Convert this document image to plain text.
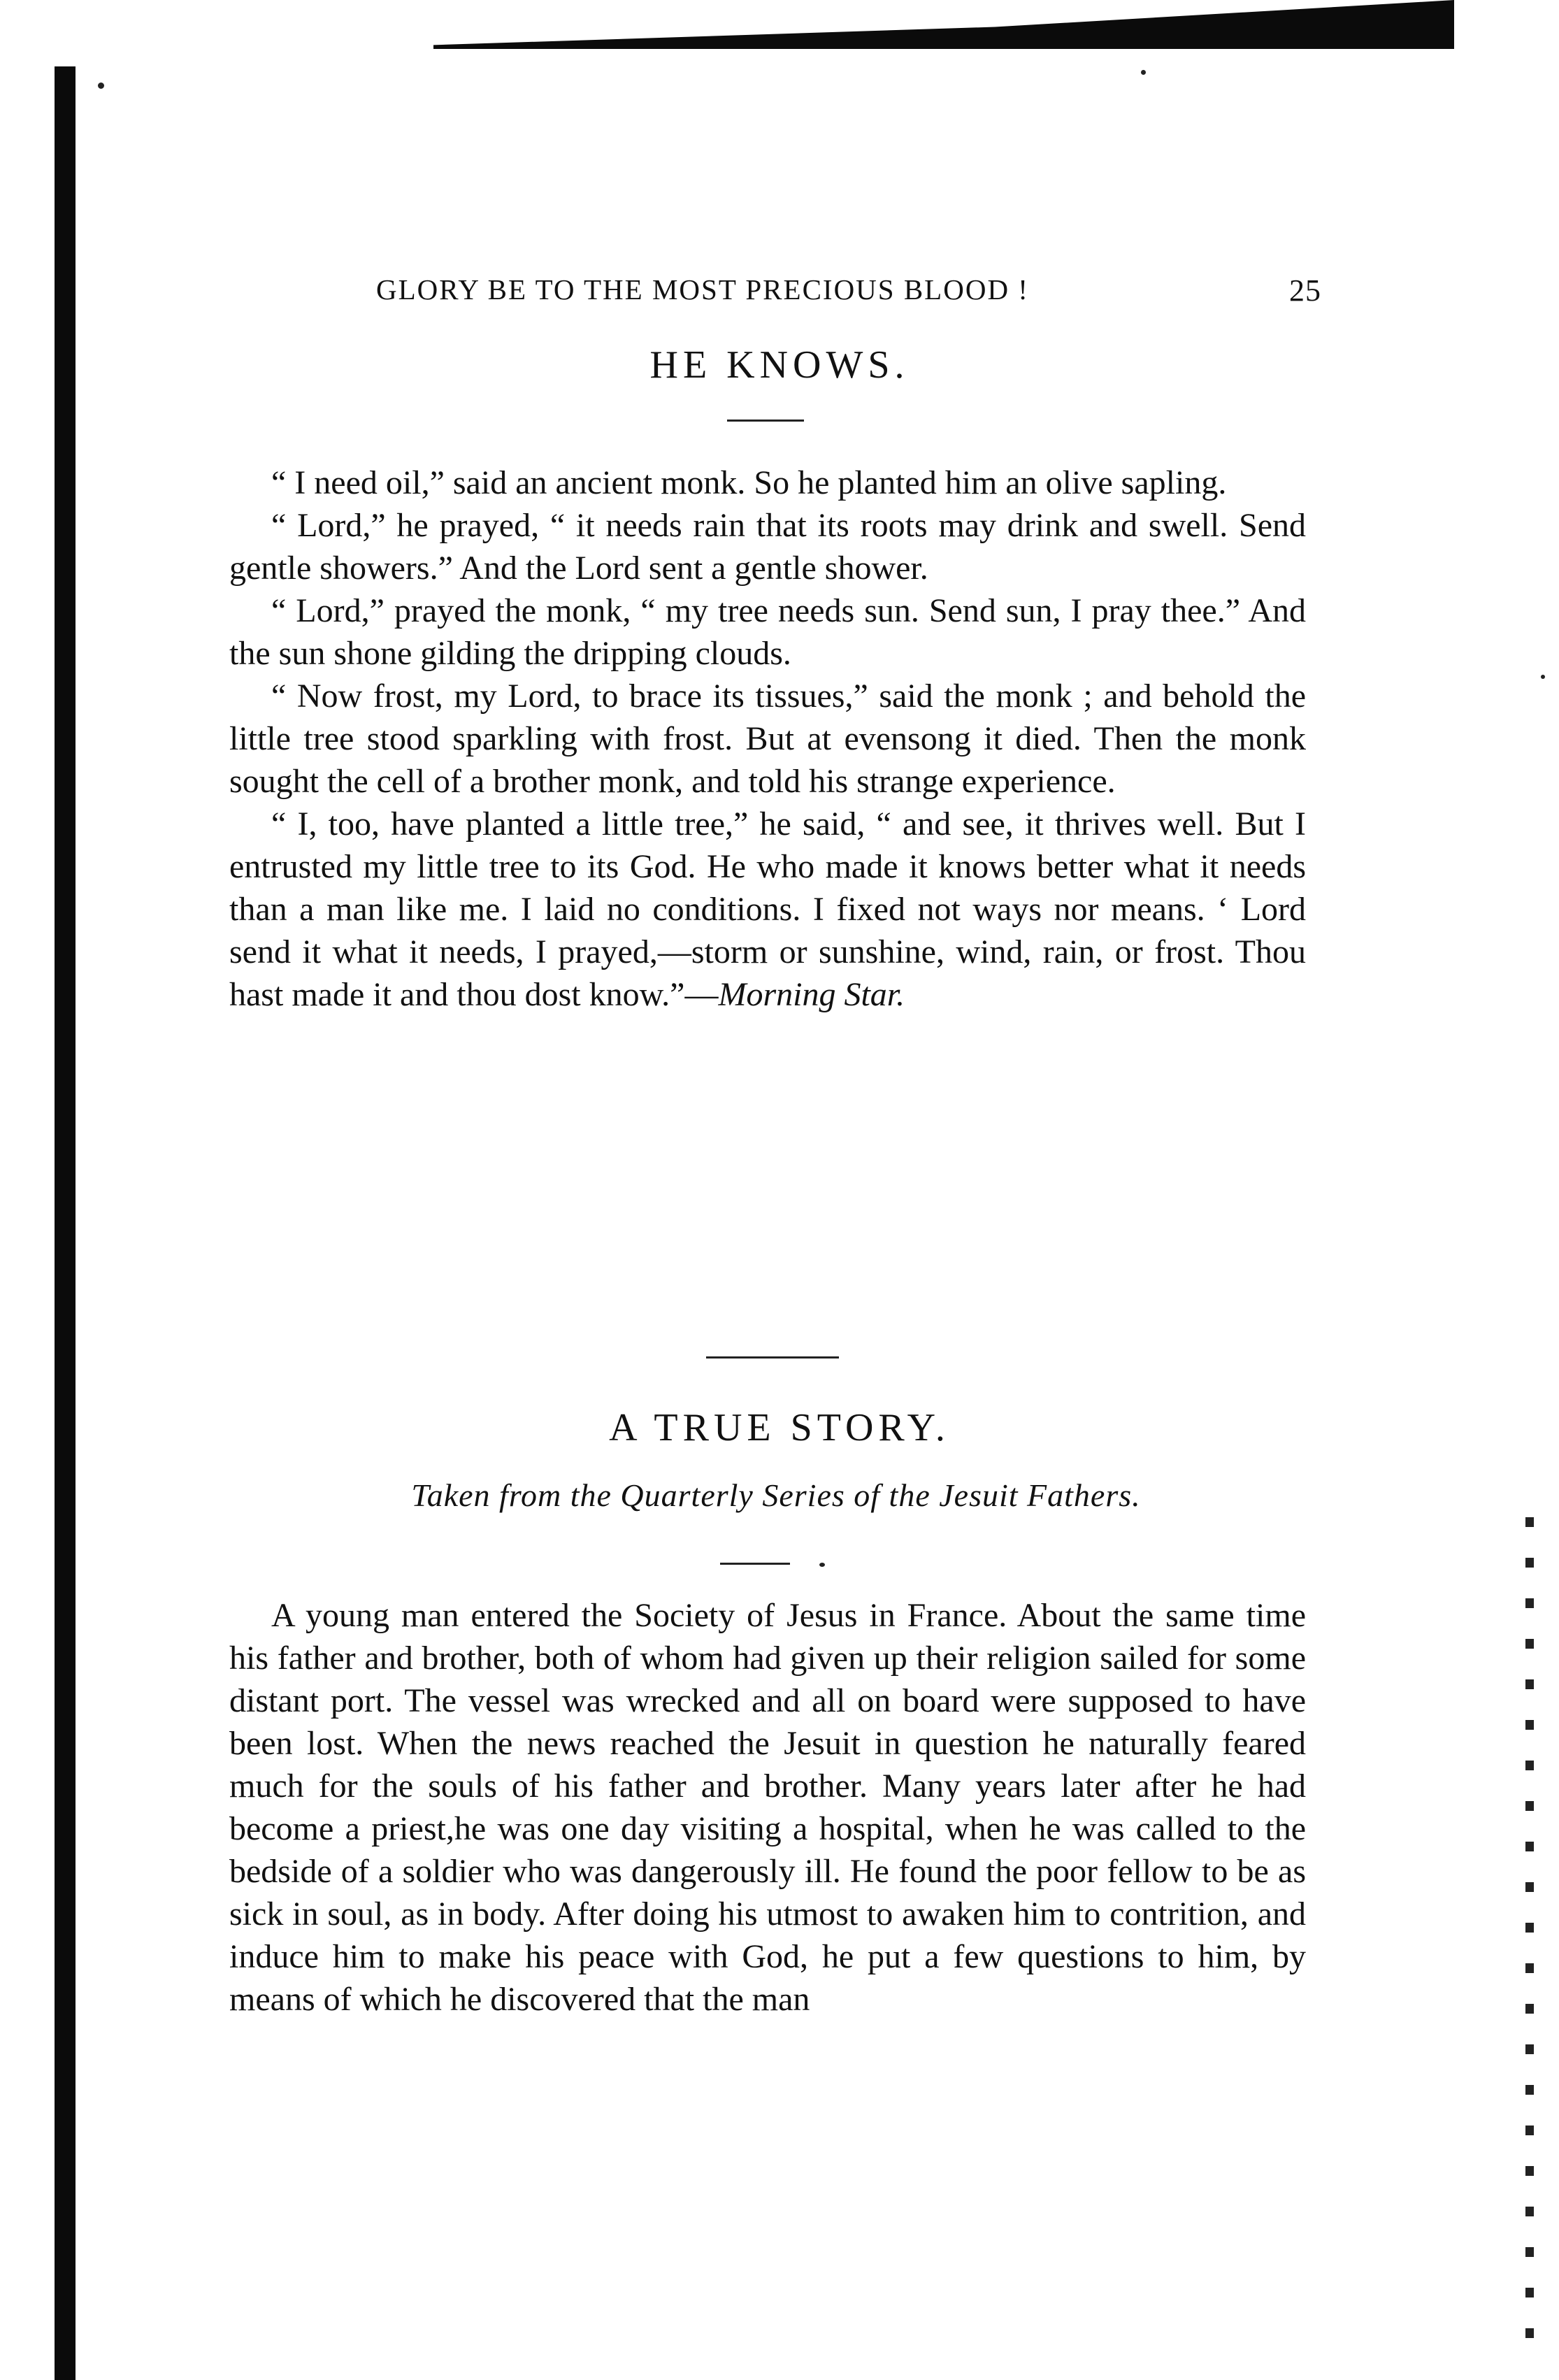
GLORY BE TO THE MOST PRECIOUS BLOOD !	25
HE KNOWS.

“ I need oil,” said an ancient monk. So he planted him an olive sapling.

“ Lord,” he prayed, “ it needs rain that its roots may drink and swell. Send gentle showers.” And the Lord sent a gentle shower.

“ Lord,” prayed the monk, “ my tree needs sun. Send sun, I pray thee.” And the sun shone gilding the dripping clouds.

“ Now frost, my Lord, to brace its tissues,” said the monk ; and behold the little tree stood sparkling with frost. But at evensong it died. Then the monk sought the cell of a brother monk, and told his strange experience.

“ I, too, have planted a little tree,” he said, “ and see, it thrives well. But I entrusted my little tree to its God. He who made it knows better what it needs than a man like me. I laid no conditions. I fixed not ways nor means. ‘ Lord send it what it needs, I prayed,—storm or sunshine, wind, rain, or frost. Thou hast made it and thou dost know.”—Morning Star.

A TRUE STORY.
Taken from the Quarterly Series of the Jesuit Fathers.

A young man entered the Society of Jesus in France. About the same time his father and brother, both of whom had given up their religion sailed for some distant port. The vessel was wrecked and all on board were supposed to have been lost. When the news reached the Jesuit in question he naturally feared much for the souls of his father and brother. Many years later after he had become a priest,he was one day visiting a hospital, when he was called to the bedside of a soldier who was dangerously ill. He found the poor fellow to be as sick in soul, as in body. After doing his utmost to awaken him to contrition, and induce him to make his peace with God, he put a few questions to him, by means of which he discovered that the man
